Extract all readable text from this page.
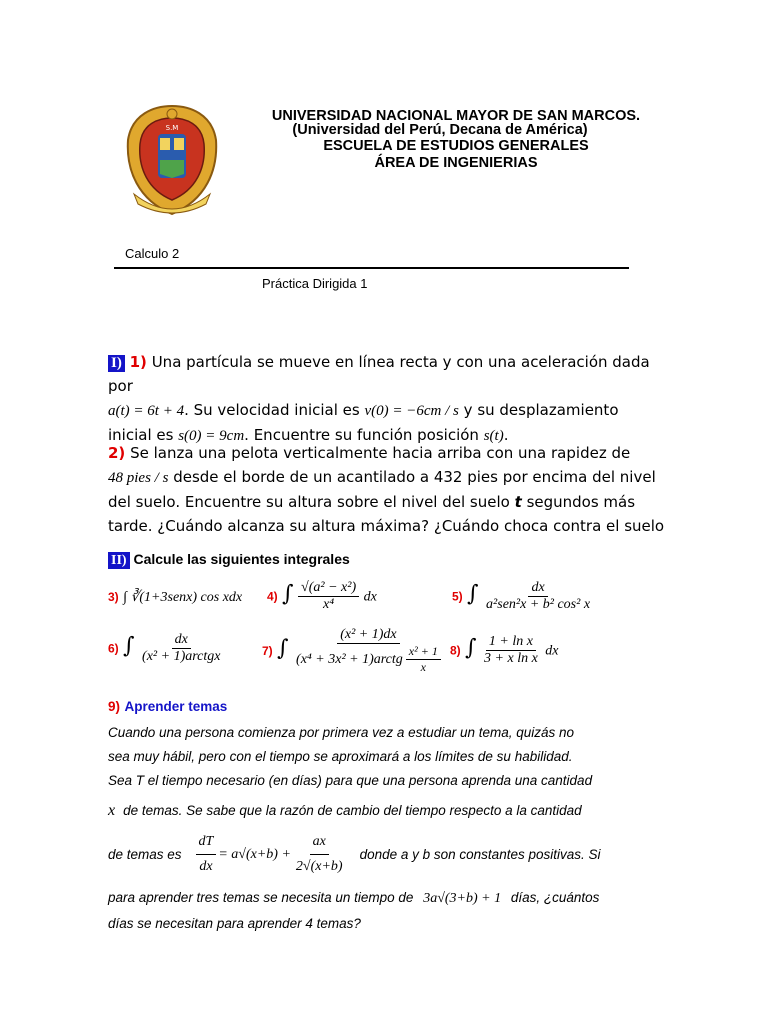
S.M
UNIVERSIDAD NACIONAL MAYOR DE SAN MARCOS.
(Universidad del Perú, Decana de América)
ESCUELA DE ESTUDIOS GENERALES
ÁREA DE INGENIERIAS
Calculo 2
Práctica Dirigida 1
I) 1) Una partícula se mueve en línea recta y con una aceleración dada por
a(t) = 6t + 4. Su velocidad inicial es v(0) = −6cm / s y su desplazamiento
inicial es s(0) = 9cm. Encuentre su función posición s(t).
2) Se lanza una pelota verticalmente hacia arriba con una rapidez de
48 pies / s desde el borde de un acantilado a 432 pies por encima del nivel
del suelo. Encuentre su altura sobre el nivel del suelo t segundos más
tarde. ¿Cuándo alcanza su altura máxima? ¿Cuándo choca contra el suelo
II) Calcule las siguientes integrales
3) ∫ ∛(1+3senx) cos xdx 4) ∫ $\frac{\text{√(a² − x²)}}{\text{x⁴}}$ dx	5) ∫ $\frac{dx}{\text{a²sen²x + b² cos² x}}$
6) ∫ $\frac{dx}{\text{(x² + 1)arctgx}}$	7) ∫ $\frac{\text{(x² + 1)dx}}{(x^4 + 3x^2 + 1)arctg \frac{\text{x² + 1}}{x}} 8$) ∫ $\frac{\text{1 + ln x}}{\text{3 + x ln x}}$ dx
9) Aprender temas
Cuando una persona comienza por primera vez a estudiar un tema, quizás no
sea muy hábil, pero con el tiempo se aproximará a los límites de su habilidad.
Sea T el tiempo necesario (en días) para que una persona aprenda una cantidad
x de temas. Se sabe que la razón de cambio del tiempo respecto a la cantidad
de temas es $\frac{dT}{dx} = a√(x+b) + \frac{ax}{2√(x+b)}$ donde a y b son constantes positivas. Si
para aprender tres temas se necesita un tiempo de 3a√(3+b) + 1 días, ¿cuántos
días se necesitan para aprender 4 temas?
